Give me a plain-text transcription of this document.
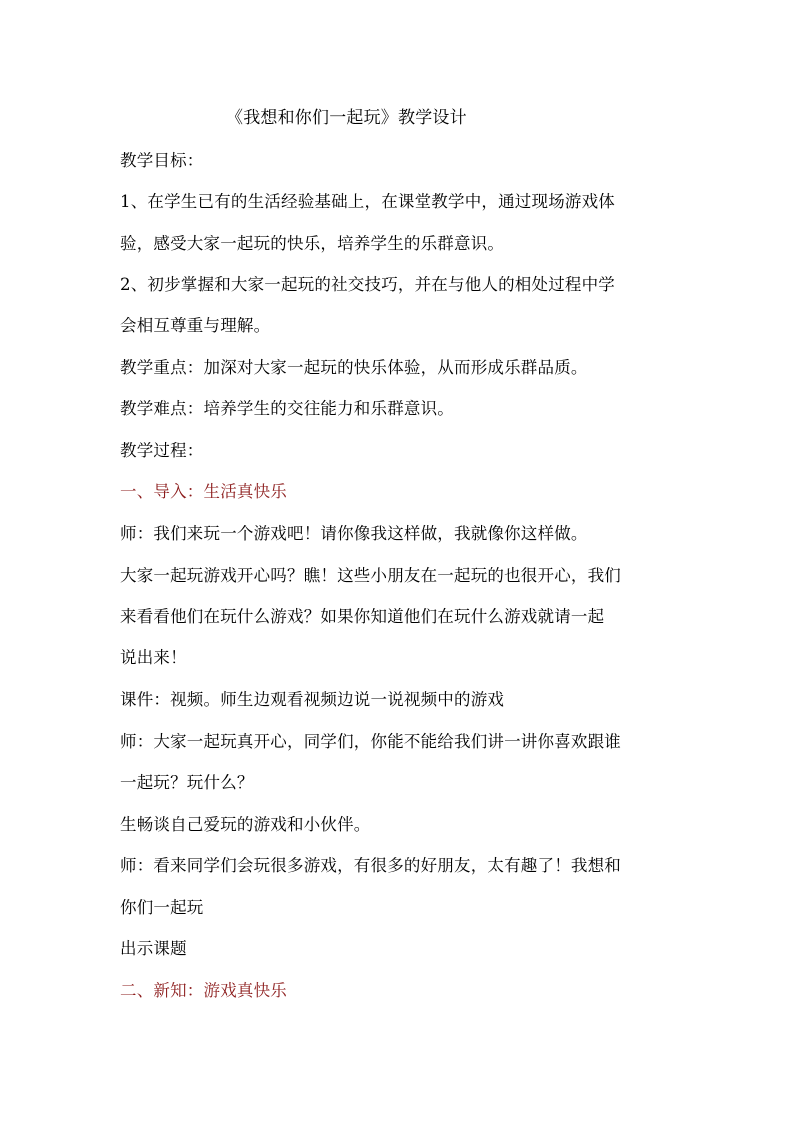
《我想和你们一起玩》教学设计
教学目标：
1、在学生已有的生活经验基础上，在课堂教学中，通过现场游戏体
验，感受大家一起玩的快乐，培养学生的乐群意识。
2、初步掌握和大家一起玩的社交技巧，并在与他人的相处过程中学
会相互尊重与理解。
教学重点：加深对大家一起玩的快乐体验，从而形成乐群品质。
教学难点：培养学生的交往能力和乐群意识。
教学过程：
一、导入：生活真快乐
师：我们来玩一个游戏吧！请你像我这样做，我就像你这样做。
大家一起玩游戏开心吗？瞧！这些小朋友在一起玩的也很开心，我们
来看看他们在玩什么游戏？如果你知道他们在玩什么游戏就请一起
说出来！
课件：视频。师生边观看视频边说一说视频中的游戏
师：大家一起玩真开心，同学们，你能不能给我们讲一讲你喜欢跟谁
一起玩？玩什么？
生畅谈自己爱玩的游戏和小伙伴。
师：看来同学们会玩很多游戏，有很多的好朋友，太有趣了！我想和
你们一起玩
出示课题
二、新知：游戏真快乐
